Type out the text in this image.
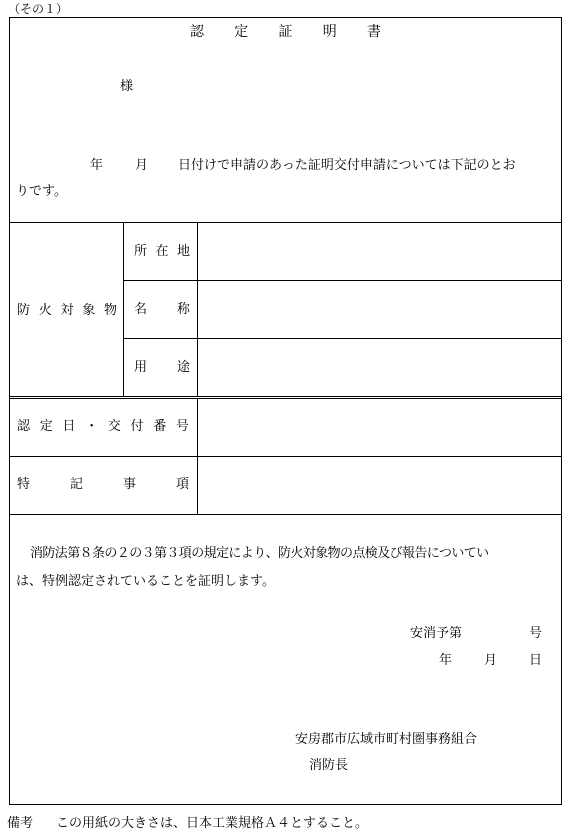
（その１）
認 定 証 明 書
様
年 月 日付けで申請のあった証明交付申請については下記のとお
りです。
防 火 対 象 物
所 在 地
名 称
用 途
認 定 日 ・ 交 付 番 号
特	記	事	項
消防法第８条の２の３第３項の規定により、防火対象物の点検及び報告についてい
は、特例認定されていることを証明します。
安消予第	号
年 月 日
安房郡市広域市町村圏事務組合
消防長
備考 この用紙の大きさは、日本工業規格Ａ４とすること。
